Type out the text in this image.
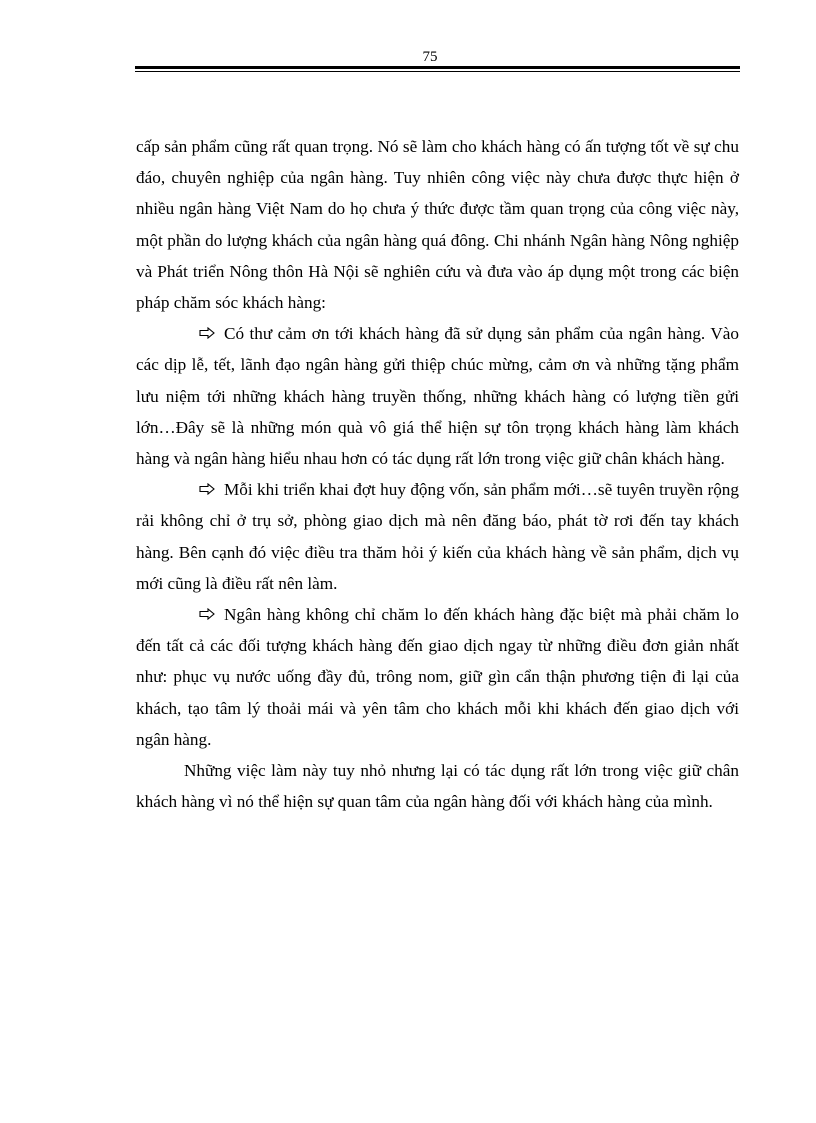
75

cấp sản phẩm cũng rất quan trọng. Nó sẽ làm cho khách hàng có ấn tượng tốt về sự chu đáo, chuyên nghiệp của ngân hàng. Tuy nhiên công việc này chưa được thực hiện ở nhiều ngân hàng Việt Nam do họ chưa ý thức được tầm quan trọng của công việc này, một phần do lượng khách của ngân hàng quá đông. Chi nhánh Ngân hàng Nông nghiệp và Phát triển Nông thôn Hà Nội sẽ nghiên cứu và đưa vào áp dụng một trong các biện pháp chăm sóc khách hàng:

Có thư cảm ơn tới khách hàng đã sử dụng sản phẩm của ngân hàng. Vào các dịp lễ, tết, lãnh đạo ngân hàng gửi thiệp chúc mừng, cảm ơn và những tặng phẩm lưu niệm tới những khách hàng truyền thống, những khách hàng có lượng tiền gửi lớn…Đây sẽ là những món quà vô giá thể hiện sự tôn trọng khách hàng làm khách hàng và ngân hàng hiểu nhau hơn có tác dụng rất lớn trong việc giữ chân khách hàng.

Mỗi khi triển khai đợt huy động vốn, sản phẩm mới…sẽ tuyên truyền rộng rải không chỉ ở trụ sở, phòng giao dịch mà nên đăng báo, phát tờ rơi đến tay khách hàng. Bên cạnh đó việc điều tra thăm hỏi ý kiến của khách hàng về sản phẩm, dịch vụ mới cũng là điều rất nên làm.

Ngân hàng không chỉ chăm lo đến khách hàng đặc biệt mà phải chăm lo đến tất cả các đối tượng khách hàng đến giao dịch ngay từ những điều đơn giản nhất như: phục vụ nước uống đầy đủ, trông nom, giữ gìn cẩn thận phương tiện đi lại của khách, tạo tâm lý thoải mái và yên tâm cho khách mỗi khi khách đến giao dịch với ngân hàng.

Những việc làm này tuy nhỏ nhưng lại có tác dụng rất lớn trong việc giữ chân khách hàng vì nó thể hiện sự quan tâm của ngân hàng đối với khách hàng của mình.
